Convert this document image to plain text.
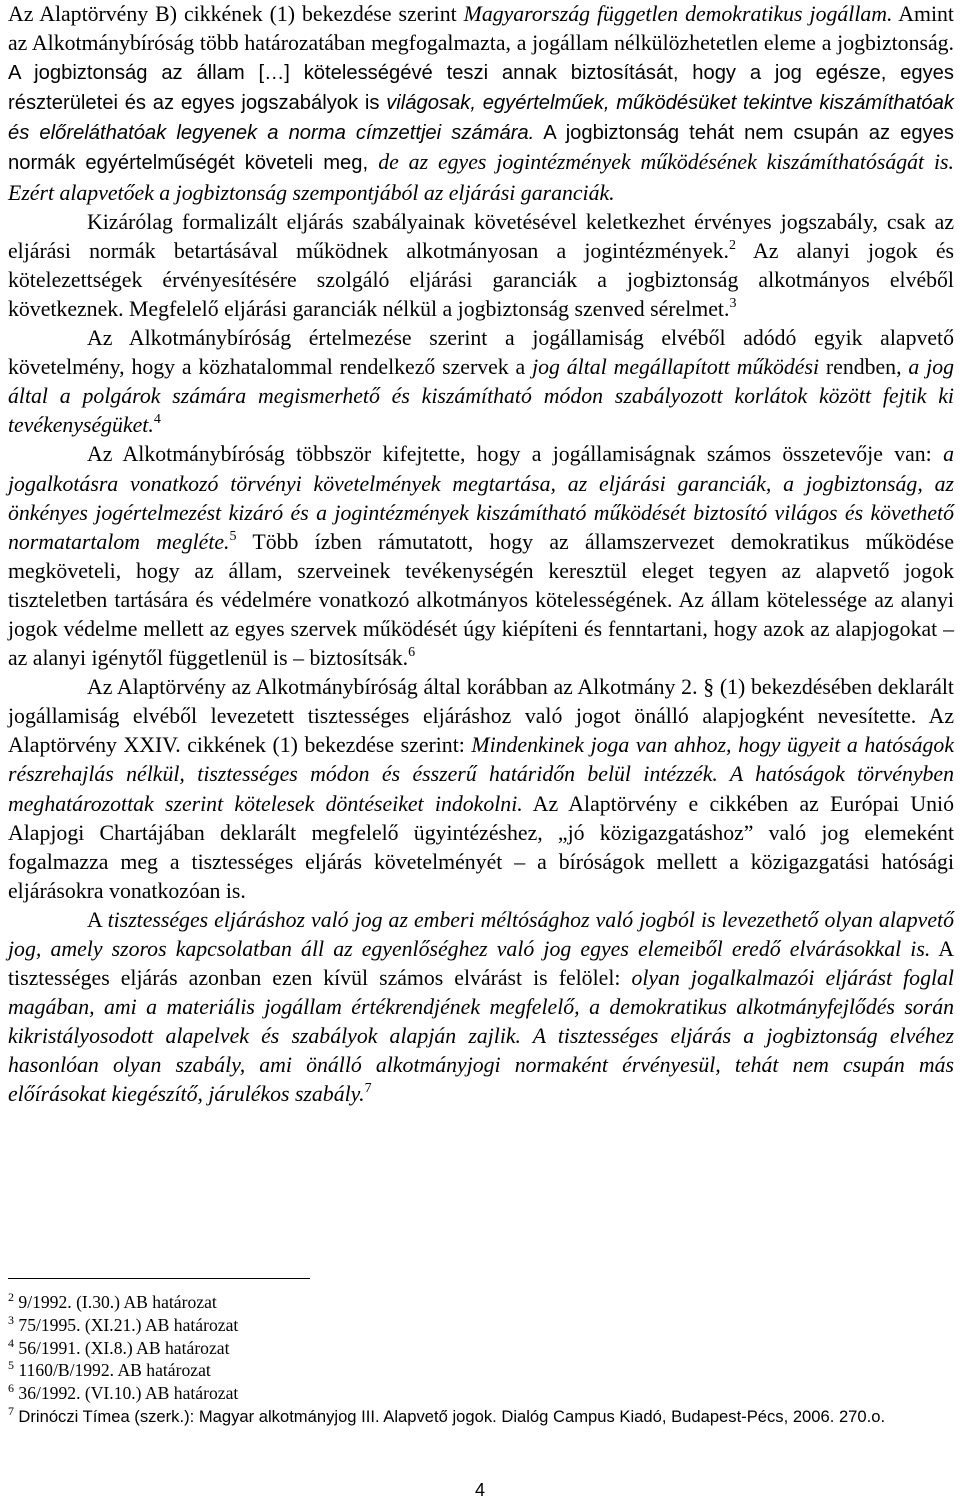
Az Alaptörvény B) cikkének (1) bekezdése szerint Magyarország független demokratikus jogállam. Amint az Alkotmánybíróság több határozatában megfogalmazta, a jogállam nélkülözhetetlen eleme a jogbiztonság. A jogbiztonság az állam […] kötelességévé teszi annak biztosítását, hogy a jog egésze, egyes részterületei és az egyes jogszabályok is világosak, egyértelműek, működésüket tekintve kiszámíthatóak és előreláthatóak legyenek a norma címzettjei számára. A jogbiztonság tehát nem csupán az egyes normák egyértelműségét követeli meg, de az egyes jogintézmények működésének kiszámíthatóságát is. Ezért alapvetőek a jogbiztonság szempontjából az eljárási garanciák.

Kizárólag formalizált eljárás szabályainak követésével keletkezhet érvényes jogszabály, csak az eljárási normák betartásával működnek alkotmányosan a jogintézmények.$^2$ Az alanyi jogok és kötelezettségek érvényesítésére szolgáló eljárási garanciák a jogbiztonság alkotmányos elvéből következnek. Megfelelő eljárási garanciák nélkül a jogbiztonság szenved sérelmet.$^3$

Az Alkotmánybíróság értelmezése szerint a jogállamiság elvéből adódó egyik alapvető követelmény, hogy a közhatalommal rendelkező szervek a jog által megállapított működési rendben, a jog által a polgárok számára megismerhető és kiszámítható módon szabályozott korlátok között fejtik ki tevékenységüket.$^4$

Az Alkotmánybíróság többször kifejtette, hogy a jogállamiságnak számos összetevője van: a jogalkotásra vonatkozó törvényi követelmények megtartása, az eljárási garanciák, a jogbiztonság, az önkényes jogértelmezést kizáró és a jogintézmények kiszámítható működését biztosító világos és követhető normatartalom megléte.$^5$ Több ízben rámutatott, hogy az államszervezet demokratikus működése megköveteli, hogy az állam, szerveinek tevékenységén keresztül eleget tegyen az alapvető jogok tiszteletben tartására és védelmére vonatkozó alkotmányos kötelességének. Az állam kötelessége az alanyi jogok védelme mellett az egyes szervek működését úgy kiépíteni és fenntartani, hogy azok az alapjogokat – az alanyi igénytől függetlenül is – biztosítsák.$^6$

Az Alaptörvény az Alkotmánybíróság által korábban az Alkotmány 2. § (1) bekezdésében deklarált jogállamiság elvéből levezetett tisztességes eljáráshoz való jogot önálló alapjogként nevesítette. Az Alaptörvény XXIV. cikkének (1) bekezdése szerint: Mindenkinek joga van ahhoz, hogy ügyeit a hatóságok részrehajlás nélkül, tisztességes módon és ésszerű határidőn belül intézzék. A hatóságok törvényben meghatározottak szerint kötelesek döntéseiket indokolni. Az Alaptörvény e cikkében az Európai Unió Alapjogi Chartájában deklarált megfelelő ügyintézéshez, „jó közigazgatáshoz” való jog elemeként fogalmazza meg a tisztességes eljárás követelményét – a bíróságok mellett a közigazgatási hatósági eljárásokra vonatkozóan is.

A tisztességes eljáráshoz való jog az emberi méltósághoz való jogból is levezethető olyan alapvető jog, amely szoros kapcsolatban áll az egyenlőséghez való jog egyes elemeiből eredő elvárásokkal is. A tisztességes eljárás azonban ezen kívül számos elvárást is felölel: olyan jogalkalmazói eljárást foglal magában, ami a materiális jogállam értékrendjének megfelelő, a demokratikus alkotmányfejlődés során kikristályosodott alapelvek és szabályok alapján zajlik. A tisztességes eljárás a jogbiztonság elvéhez hasonlóan olyan szabály, ami önálló alkotmányjogi normaként érvényesül, tehát nem csupán más előírásokat kiegészítő, járulékos szabály.$^7$

$^2$ 9/1992. (I.30.) AB határozat

$^3$ 75/1995. (XI.21.) AB határozat

$^4$ 56/1991. (XI.8.) AB határozat

$^5$ 1160/B/1992. AB határozat

$^6$ 36/1992. (VI.10.) AB határozat

$^7$ Drinóczi Tímea (szerk.): Magyar alkotmányjog III. Alapvető jogok. Dialóg Campus Kiadó, Budapest-Pécs, 2006. 270.o.

4
